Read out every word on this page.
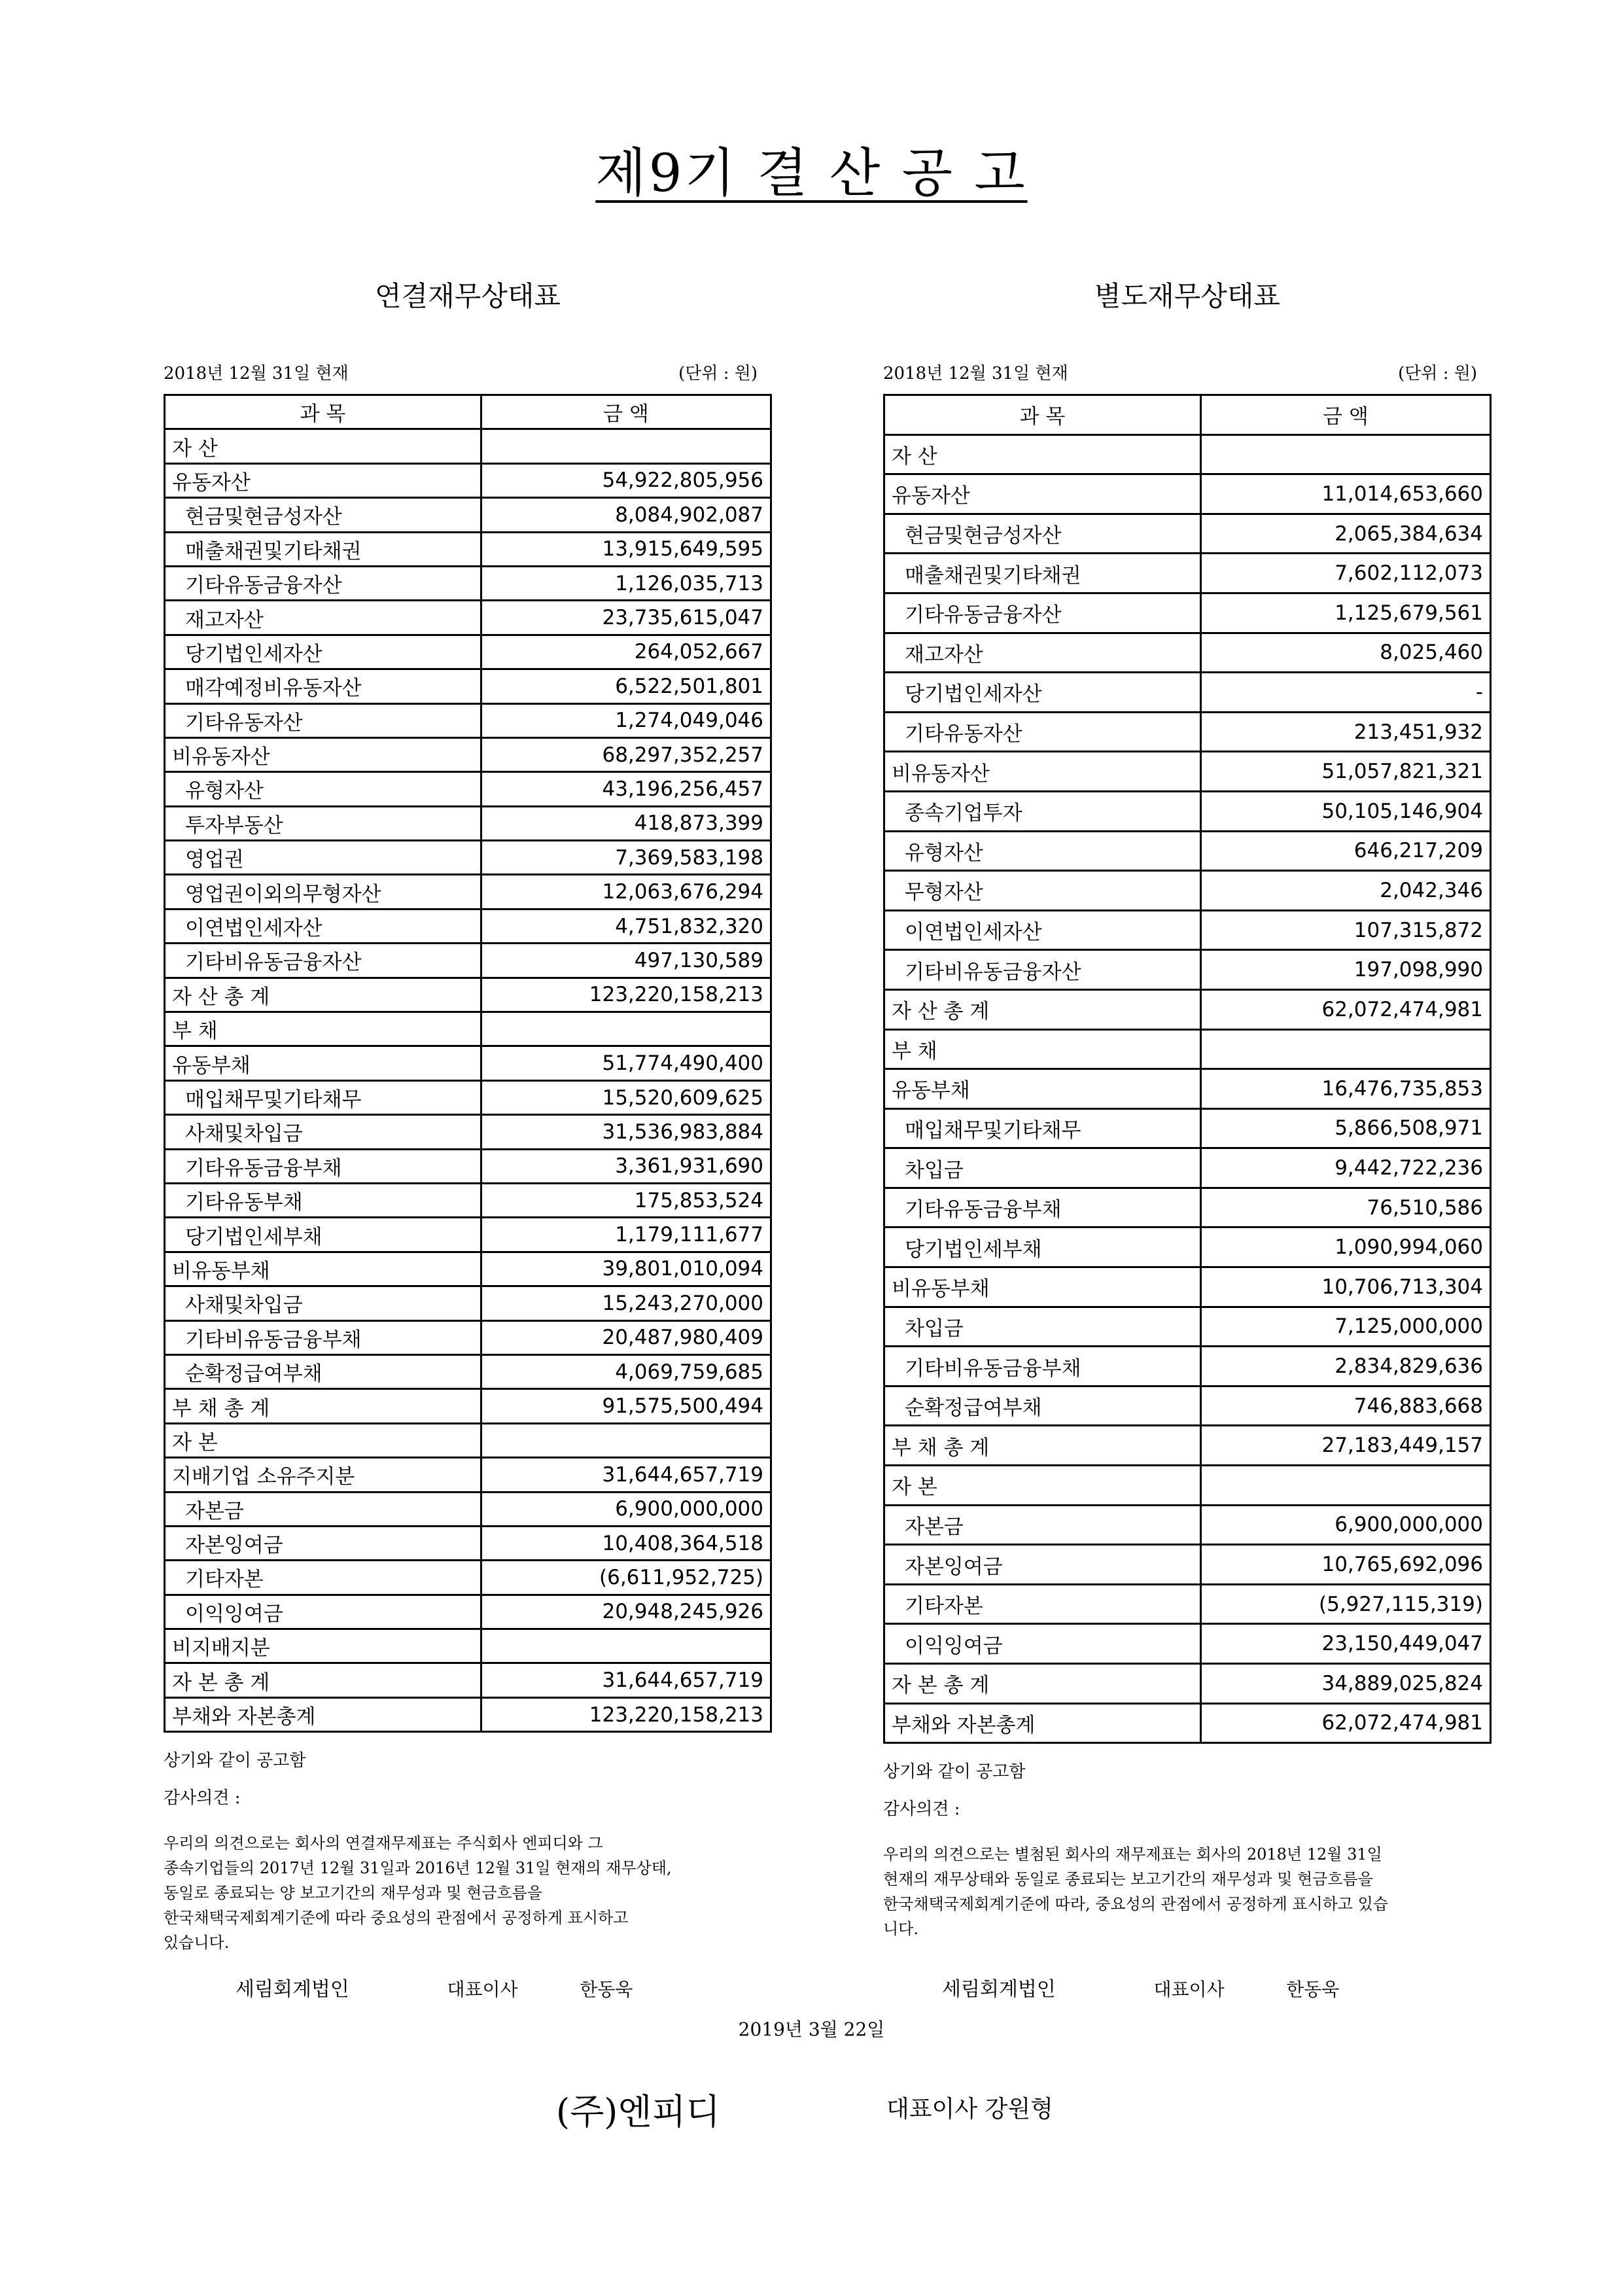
제9기 결 산 공 고
연결재무상태표
2018년 12월 31일 현재	(단위 : 원)
과 목	금 액
자 산	
유동자산	54,922,805,956
현금및현금성자산	8,084,902,087
매출채권및기타채권	13,915,649,595
기타유동금융자산	1,126,035,713
재고자산	23,735,615,047
당기법인세자산	264,052,667
매각예정비유동자산	6,522,501,801
기타유동자산	1,274,049,046
비유동자산	68,297,352,257
유형자산	43,196,256,457
투자부동산	418,873,399
영업권	7,369,583,198
영업권이외의무형자산	12,063,676,294
이연법인세자산	4,751,832,320
기타비유동금융자산	497,130,589
자 산 총 계	123,220,158,213
부 채	
유동부채	51,774,490,400
매입채무및기타채무	15,520,609,625
사채및차입금	31,536,983,884
기타유동금융부채	3,361,931,690
기타유동부채	175,853,524
당기법인세부채	1,179,111,677
비유동부채	39,801,010,094
사채및차입금	15,243,270,000
기타비유동금융부채	20,487,980,409
순확정급여부채	4,069,759,685
부 채 총 계	91,575,500,494
자 본	
지배기업 소유주지분	31,644,657,719
자본금	6,900,000,000
자본잉여금	10,408,364,518
기타자본	(6,611,952,725)
이익잉여금	20,948,245,926
비지배지분	
자 본 총 계	31,644,657,719
부채와 자본총계	123,220,158,213
상기와 같이 공고함
감사의견 :
우리의 의견으로는 회사의 연결재무제표는 주식회사 엔피디와 그
종속기업들의 2017년 12월 31일과 2016년 12월 31일 현재의 재무상태,
동일로 종료되는 양 보고기간의 재무성과 및 현금흐름을
한국채택국제회계기준에 따라 중요성의 관점에서 공정하게 표시하고
있습니다.
별도재무상태표
2018년 12월 31일 현재	(단위 : 원)
과 목	금 액
자 산	
유동자산	11,014,653,660
현금및현금성자산	2,065,384,634
매출채권및기타채권	7,602,112,073
기타유동금융자산	1,125,679,561
재고자산	8,025,460
당기법인세자산	-
기타유동자산	213,451,932
비유동자산	51,057,821,321
종속기업투자	50,105,146,904
유형자산	646,217,209
무형자산	2,042,346
이연법인세자산	107,315,872
기타비유동금융자산	197,098,990
자 산 총 계	62,072,474,981
부 채	
유동부채	16,476,735,853
매입채무및기타채무	5,866,508,971
차입금	9,442,722,236
기타유동금융부채	76,510,586
당기법인세부채	1,090,994,060
비유동부채	10,706,713,304
차입금	7,125,000,000
기타비유동금융부채	2,834,829,636
순확정급여부채	746,883,668
부 채 총 계	27,183,449,157
자 본	
자본금	6,900,000,000
자본잉여금	10,765,692,096
기타자본	(5,927,115,319)
이익잉여금	23,150,449,047
자 본 총 계	34,889,025,824
부채와 자본총계	62,072,474,981
상기와 같이 공고함
감사의견 :
우리의 의견으로는 별첨된 회사의 재무제표는 회사의 2018년 12월 31일
현재의 재무상태와 동일로 종료되는 보고기간의 재무성과 및 현금흐름을
한국채택국제회계기준에 따라, 중요성의 관점에서 공정하게 표시하고 있습
니다.
세림회계법인	대표이사	한동욱	세림회계법인	대표이사	한동욱
2019년 3월 22일
(주)엔피디	대표이사 강원형
